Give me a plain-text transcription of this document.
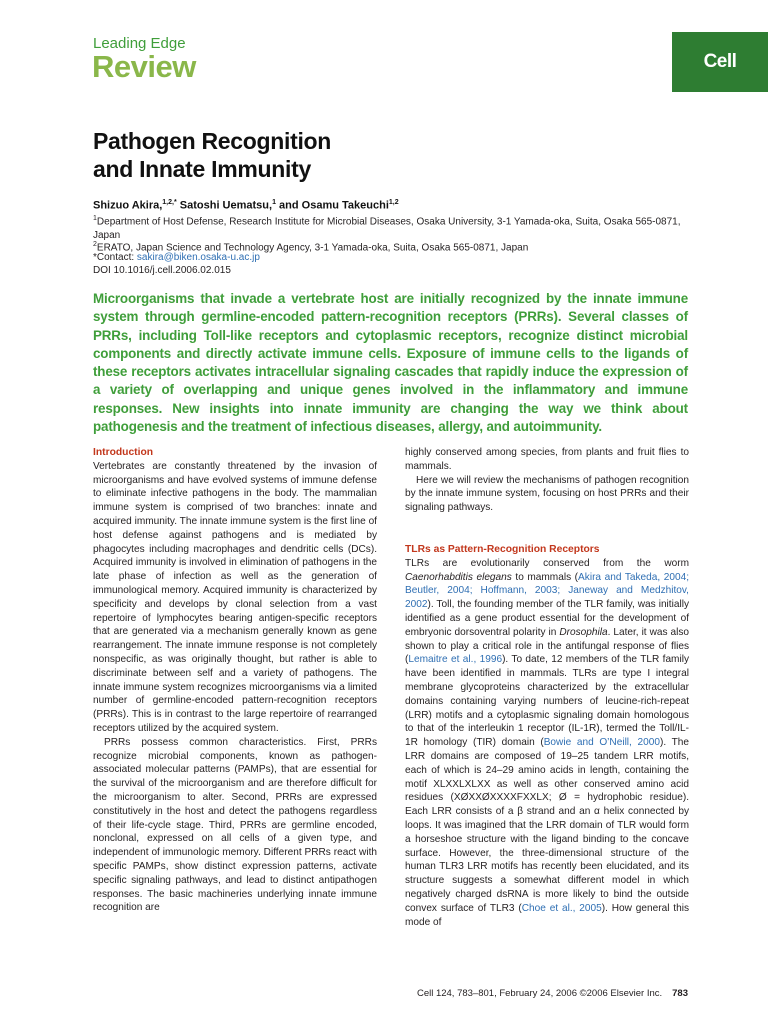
Cell
Leading Edge
Review
Pathogen Recognition
and Innate Immunity
Shizuo Akira,$^{1,2,*}$ Satoshi Uematsu,$^1$ and Osamu Takeuchi$^{1,2}$
$^1$Department of Host Defense, Research Institute for Microbial Diseases, Osaka University, 3-1 Yamada-oka, Suita, Osaka 565-0871, Japan
$^2$ERATO, Japan Science and Technology Agency, 3-1 Yamada-oka, Suita, Osaka 565-0871, Japan
*Contact: sakira@biken.osaka-u.ac.jp
DOI 10.1016/j.cell.2006.02.015
Microorganisms that invade a vertebrate host are initially recognized by the innate immune system through germline-encoded pattern-recognition receptors (PRRs). Several classes of PRRs, including Toll-like receptors and cytoplasmic receptors, recognize distinct microbial components and directly activate immune cells. Exposure of immune cells to the ligands of these receptors activates intracellular signaling cascades that rapidly induce the expression of a variety of overlapping and unique genes involved in the inflammatory and immune responses. New insights into innate immunity are changing the way we think about pathogenesis and the treatment of infectious diseases, allergy, and autoimmunity.

Introduction

Vertebrates are constantly threatened by the invasion of microorganisms and have evolved systems of immune defense to eliminate infective pathogens in the body. The mammalian immune system is comprised of two branches: innate and acquired immunity. The innate immune system is the first line of host defense against pathogens and is mediated by phagocytes including macrophages and dendritic cells (DCs). Acquired immunity is involved in elimination of pathogens in the late phase of infection as well as the generation of immunological memory. Acquired immunity is characterized by specificity and develops by clonal selection from a vast repertoire of lymphocytes bearing antigen-specific receptors that are generated via a mechanism generally known as gene rearrangement. The innate immune response is not completely nonspecific, as was originally thought, but rather is able to discriminate between self and a variety of pathogens. The innate immune system recognizes microorganisms via a limited number of germline-encoded pattern-recognition receptors (PRRs). This is in contrast to the large repertoire of rearranged receptors utilized by the acquired system.

PRRs possess common characteristics. First, PRRs recognize microbial components, known as pathogen-associated molecular patterns (PAMPs), that are essential for the survival of the microorganism and are therefore difficult for the microorganism to alter. Second, PRRs are expressed constitutively in the host and detect the pathogens regardless of their life-cycle stage. Third, PRRs are germline encoded, nonclonal, expressed on all cells of a given type, and independent of immunologic memory. Different PRRs react with specific PAMPs, show distinct expression patterns, activate specific signaling pathways, and lead to distinct antipathogen responses. The basic machineries underlying innate immune recognition are

highly conserved among species, from plants and fruit flies to mammals.

Here we will review the mechanisms of pathogen recognition by the innate immune system, focusing on host PRRs and their signaling pathways.

TLRs as Pattern-Recognition Receptors

TLRs are evolutionarily conserved from the worm Caenorhabditis elegans to mammals (Akira and Takeda, 2004; Beutler, 2004; Hoffmann, 2003; Janeway and Medzhitov, 2002). Toll, the founding member of the TLR family, was initially identified as a gene product essential for the development of embryonic dorsoventral polarity in Drosophila. Later, it was also shown to play a critical role in the antifungal response of flies (Lemaitre et al., 1996). To date, 12 members of the TLR family have been identified in mammals. TLRs are type I integral membrane glycoproteins characterized by the extracellular domains containing varying numbers of leucine-rich-repeat (LRR) motifs and a cytoplasmic signaling domain homologous to that of the interleukin 1 receptor (IL-1R), termed the Toll/IL-1R homology (TIR) domain (Bowie and O’Neill, 2000). The LRR domains are composed of 19–25 tandem LRR motifs, each of which is 24–29 amino acids in length, containing the motif XLXXLXLXX as well as other conserved amino acid residues (XØXXØXXXXFXXLX; Ø = hydrophobic residue). Each LRR consists of a β strand and an α helix connected by loops. It was imagined that the LRR domain of TLR would form a horseshoe structure with the ligand binding to the concave surface. However, the three-dimensional structure of the human TLR3 LRR motifs has recently been elucidated, and its structure suggests a somewhat different model in which negatively charged dsRNA is more likely to bind the outside convex surface of TLR3 (Choe et al., 2005). How general this mode of

Cell 124, 783–801, February 24, 2006 ©2006 Elsevier Inc. 783
